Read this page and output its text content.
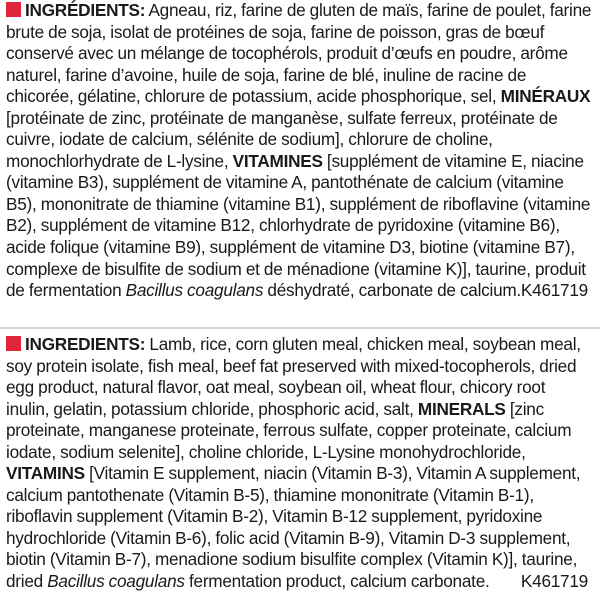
INGRÉDIENTS: Agneau, riz, farine de gluten de maïs, farine de poulet, farine brute de soja, isolat de protéines de soja, farine de poisson, gras de bœuf conservé avec un mélange de tocophérols, produit d’œufs en poudre, arôme naturel, farine d’avoine, huile de soja, farine de blé, inuline de racine de chicorée, gélatine, chlorure de potassium, acide phosphorique, sel, MINÉRAUX [protéinate de zinc, protéinate de manganèse, sulfate ferreux, protéinate de cuivre, iodate de calcium, sélénite de sodium], chlorure de choline, monochlorhydrate de L-lysine, VITAMINES [supplément de vitamine E, niacine (vitamine B3), supplément de vitamine A, pantothénate de calcium (vitamine B5), mononitrate de thiamine (vitamine B1), supplément de riboflavine (vitamine B2), supplément de vitamine B12, chlorhydrate de pyridoxine (vitamine B6), acide folique (vitamine B9), supplément de vitamine D3, biotine (vitamine B7), complexe de bisulfite de sodium et de ménadione (vitamine K)], taurine, produit de fermentation Bacillus coagulans déshydraté, carbonate de calcium. K461719
INGREDIENTS: Lamb, rice, corn gluten meal, chicken meal, soybean meal, soy protein isolate, fish meal, beef fat preserved with mixed-tocopherols, dried egg product, natural flavor, oat meal, soybean oil, wheat flour, chicory root inulin, gelatin, potassium chloride, phosphoric acid, salt, MINERALS [zinc proteinate, manganese proteinate, ferrous sulfate, copper proteinate, calcium iodate, sodium selenite], choline chloride, L-Lysine monohydrochloride, VITAMINS [Vitamin E supplement, niacin (Vitamin B-3), Vitamin A supplement, calcium pantothenate (Vitamin B-5), thiamine mononitrate (Vitamin B-1), riboflavin supplement (Vitamin B-2), Vitamin B-12 supplement, pyridoxine hydrochloride (Vitamin B-6), folic acid (Vitamin B-9), Vitamin D-3 supplement, biotin (Vitamin B-7), menadione sodium bisulfite complex (Vitamin K)], taurine, dried Bacillus coagulans fermentation product, calcium carbonate. K461719
